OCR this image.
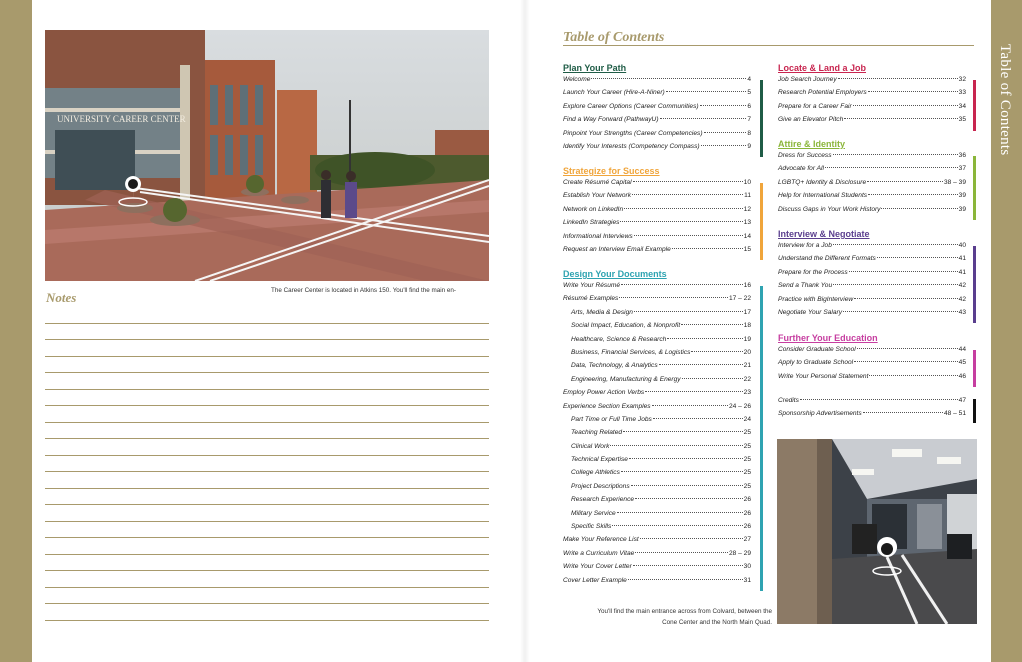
Table of Contents
UNIVERSITY CAREER CENTER
The Career Center is located in Atkins 150. You'll find the main en-
Notes
Table of Contents
Plan Your Path
Welcome	4
Launch Your Career (Hire-A-Niner)	5
Explore Career Options (Career Communities)	6
Find a Way Forward (PathwayU)	7
Pinpoint Your Strengths (Career Competencies)	8
Identify Your Interests (Competency Compass)	9
Strategize for Success
Create Résumé Capital	10
Establish Your Network	11
Network on LinkedIn	12
LinkedIn Strategies	13
Informational Interviews	14
Request an Interview Email Example	15
Design Your Documents
Write Your Résumé	16
Résumé Examples	17 – 22
Arts, Media & Design	17
Social Impact, Education, & Nonprofit	18
Healthcare, Science & Research	19
Business, Financial Services, & Logistics	20
Data, Technology, & Analytics	21
Engineering, Manufacturing & Energy	22
Employ Power Action Verbs	23
Experience Section Examples	24 – 26
Part Time or Full Time Jobs	24
Teaching Related	25
Clinical Work	25
Technical Expertise	25
College Athletics	25
Project Descriptions	25
Research Experience	26
Military Service	26
Specific Skills	26
Make Your Reference List	27
Write a Curriculum Vitae	28 – 29
Write Your Cover Letter	30
Cover Letter Example	31
Locate & Land a Job
Job Search Journey	32
Research Potential Employers	33
Prepare for a Career Fair	34
Give an Elevator Pitch	35
Attire & Identity
Dress for Success	36
Advocate for All	37
LGBTQ+ Identity & Disclosure	38 – 39
Help for International Students	39
Discuss Gaps in Your Work History	39
Interview & Negotiate
Interview for a Job	40
Understand the Different Formats	41
Prepare for the Process	41
Send a Thank You	42
Practice with BigInterview	42
Negotiate Your Salary	43
Further Your Education
Consider Graduate School	44
Apply to Graduate School	45
Write Your Personal Statement	46
Credits	47
Sponsorship Advertisements	48 – 51
You'll find the main entrance across from Colvard, between the
Cone Center and the North Main Quad.
